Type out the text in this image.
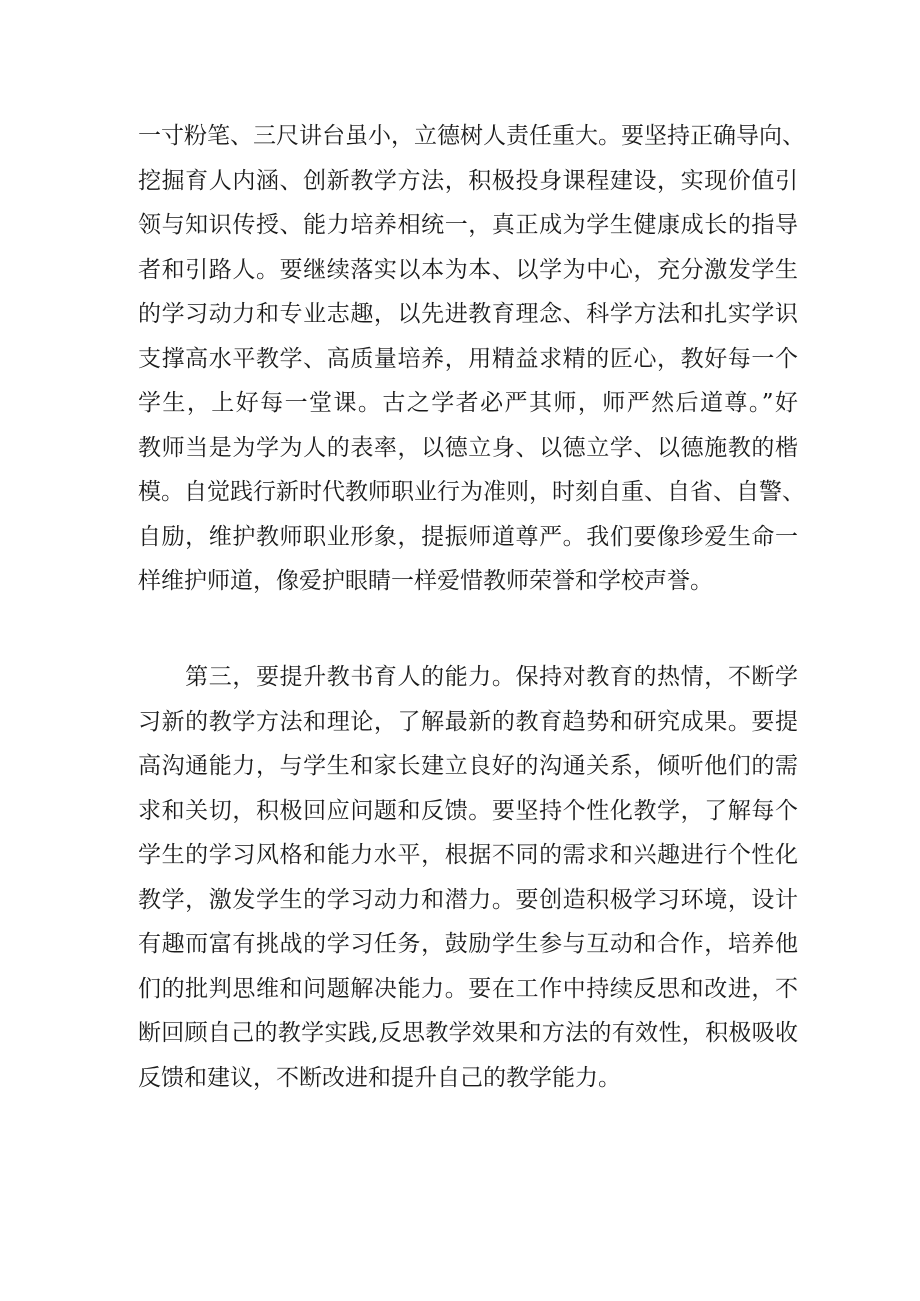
一寸粉笔、三尺讲台虽小，立德树人责任重大。要坚持正确导向、
挖掘育人内涵、创新教学方法，积极投身课程建设，实现价值引
领与知识传授、能力培养相统一，真正成为学生健康成长的指导
者和引路人。要继续落实以本为本、以学为中心，充分激发学生
的学习动力和专业志趣，以先进教育理念、科学方法和扎实学识
支撑高水平教学、高质量培养，用精益求精的匠心，教好每一个
学生，上好每一堂课。古之学者必严其师，师严然后道尊。”好
教师当是为学为人的表率，以德立身、以德立学、以德施教的楷
模。自觉践行新时代教师职业行为准则，时刻自重、自省、自警、
自励，维护教师职业形象，提振师道尊严。我们要像珍爱生命一
样维护师道，像爱护眼睛一样爱惜教师荣誉和学校声誉。
　　第三，要提升教书育人的能力。保持对教育的热情，不断学
习新的教学方法和理论，了解最新的教育趋势和研究成果。要提
高沟通能力，与学生和家长建立良好的沟通关系，倾听他们的需
求和关切，积极回应问题和反馈。要坚持个性化教学，了解每个
学生的学习风格和能力水平，根据不同的需求和兴趣进行个性化
教学，激发学生的学习动力和潜力。要创造积极学习环境，设计
有趣而富有挑战的学习任务，鼓励学生参与互动和合作，培养他
们的批判思维和问题解决能力。要在工作中持续反思和改进，不
断回顾自己的教学实践,反思教学效果和方法的有效性，积极吸收
反馈和建议，不断改进和提升自己的教学能力。
